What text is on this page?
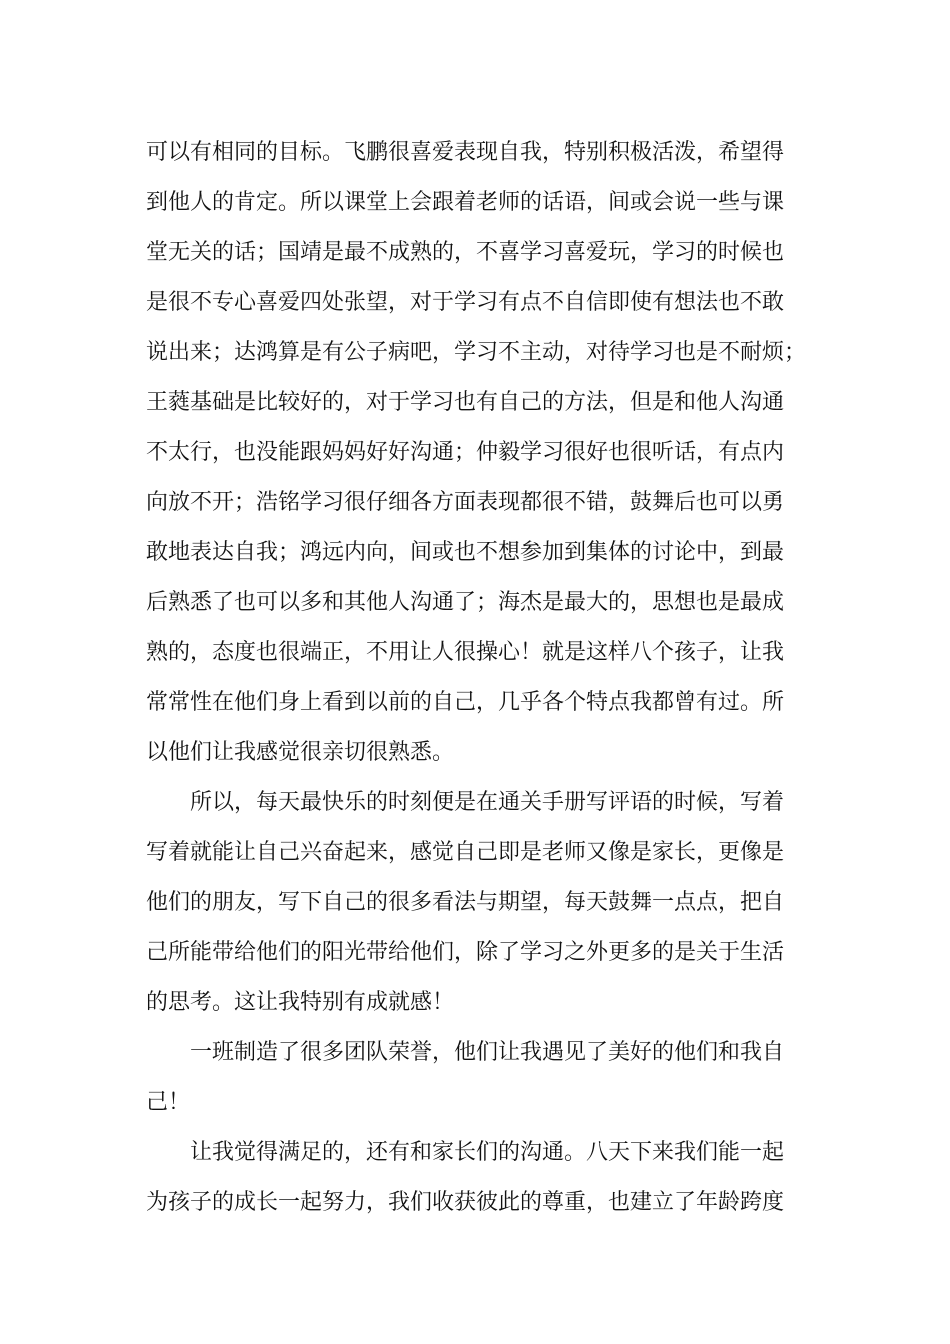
可以有相同的目标。飞鹏很喜爱表现自我，特别积极活泼，希望得
到他人的肯定。所以课堂上会跟着老师的话语，间或会说一些与课
堂无关的话；国靖是最不成熟的，不喜学习喜爱玩，学习的时候也
是很不专心喜爱四处张望，对于学习有点不自信即使有想法也不敢
说出来；达鸿算是有公子病吧，学习不主动，对待学习也是不耐烦；
王蕤基础是比较好的，对于学习也有自己的方法，但是和他人沟通
不太行，也没能跟妈妈好好沟通；仲毅学习很好也很听话，有点内
向放不开；浩铭学习很仔细各方面表现都很不错，鼓舞后也可以勇
敢地表达自我；鸿远内向，间或也不想参加到集体的讨论中，到最
后熟悉了也可以多和其他人沟通了；海杰是最大的，思想也是最成
熟的，态度也很端正，不用让人很操心！就是这样八个孩子，让我
常常性在他们身上看到以前的自己，几乎各个特点我都曾有过。所
以他们让我感觉很亲切很熟悉。
所以，每天最快乐的时刻便是在通关手册写评语的时候，写着
写着就能让自己兴奋起来，感觉自己即是老师又像是家长，更像是
他们的朋友，写下自己的很多看法与期望，每天鼓舞一点点，把自
己所能带给他们的阳光带给他们，除了学习之外更多的是关于生活
的思考。这让我特别有成就感！
一班制造了很多团队荣誉，他们让我遇见了美好的他们和我自
己！
让我觉得满足的，还有和家长们的沟通。八天下来我们能一起
为孩子的成长一起努力，我们收获彼此的尊重，也建立了年龄跨度
